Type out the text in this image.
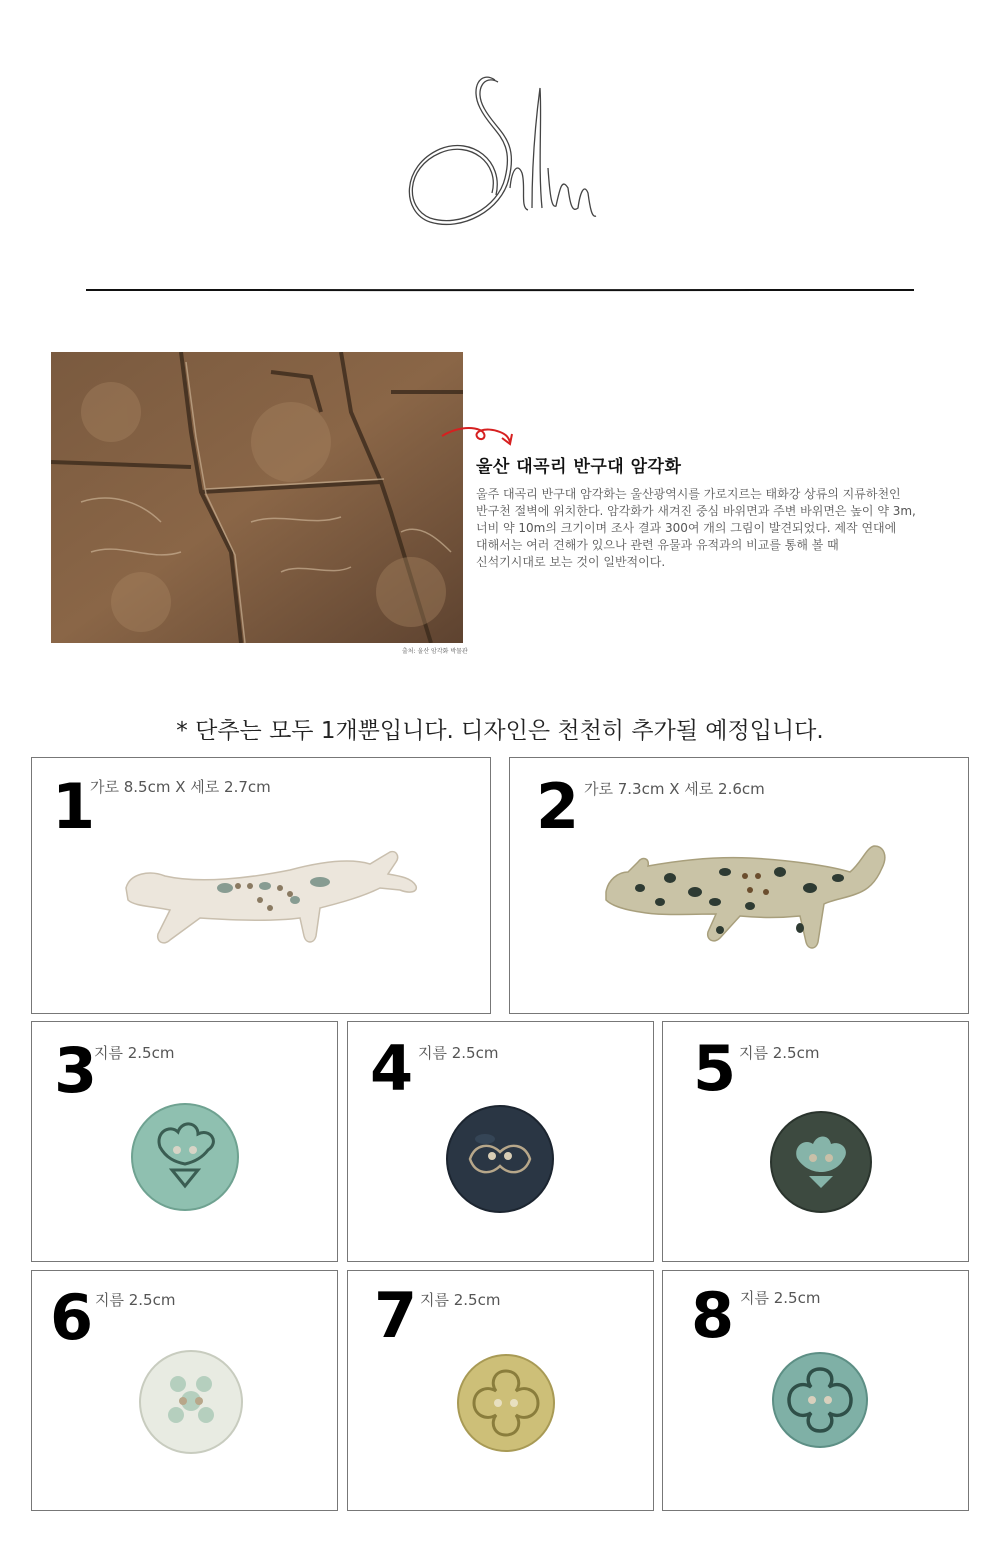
출처: 울산 암각화 박물관
울산 대곡리 반구대 암각화
울주 대곡리 반구대 암각화는 울산광역시를 가로지르는 태화강 상류의 지류하천인
반구천 절벽에 위치한다. 암각화가 새겨진 중심 바위면과 주변 바위면은 높이 약 3m,
너비 약 10m의 크기이며 조사 결과 300여 개의 그림이 발견되었다. 제작 연대에
대해서는 여러 견해가 있으나 관련 유물과 유적과의 비교를 통해 볼 때
신석기시대로 보는 것이 일반적이다.
* 단추는 모두 1개뿐입니다. 디자인은 천천히 추가될 예정입니다.
1
가로 8.5cm X 세로 2.7cm	2 가로 7.3cm X 세로 2.6cm
3
지름 2.5cm	4 지름 2.5cm	5 지름 2.5cm
6 지름 2.5cm	7 지름 2.5cm	8 지름 2.5cm
